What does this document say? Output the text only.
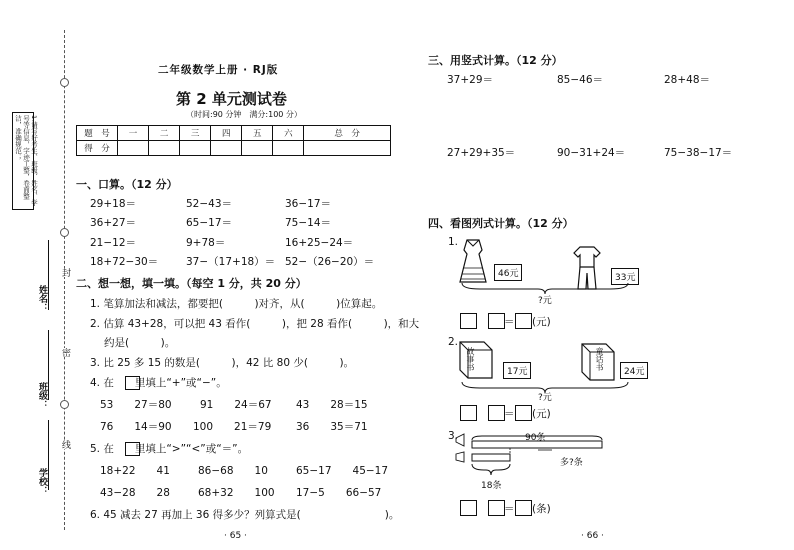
1.请写好考生、班级、姓名、学号等信息，字迹工整，卷面整洁，准确规范；
封
密
线
姓名：
班级：
学校：
二年级数学上册 · RJ版
第 2 单元测试卷
（时间:90 分钟　满分:100 分）
题　号	一	二	三	四	五	六	总　分
得　分							
一、口算。（12 分）
29+18＝	52−43＝	36−17＝
36+27＝	65−17＝	75−14＝
21−12＝	9+78＝	16+25−24＝
18+72−30＝	37−（17+18）＝ 52−（26−20）＝
二、想一想，填一填。（每空 1 分，共 20 分）
1. 笔算加法和减法，都要把(　　　)对齐，从(　　　)位算起。
2. 估算 43+28，可以把 43 看作(　　　)，把 28 看作(　　　)，和大
约是(　　　)。
3. 比 25 多 15 的数是(　　　)，42 比 80 少(　　　)。
4. 在　　里填上“+”或“−”。
53　　27＝80	91　　24＝67 43　　28＝15
76　　14＝90 100　　21＝79 36　　35＝71
5. 在　　里填上“>”“<”或“＝”。
18+22　　41	86−68　　10	65−17　　45−17
43−28　　28	68+32　　100 17−5　　66−57
6. 45 减去 27 再加上 36 得多少？列算式是(　　　　　　　　)。
· 65 ·
三、用竖式计算。（12 分）
37+29＝	85−46＝	28+48＝
27+29+35＝	90−31+24＝	75−38−17＝
四、看图列式计算。（12 分）
1.
46元	33元
?元
＝ (元)
2.
故事书
17元
童话书
24元
?元
＝ (元)
3.	90条
多?条
18条
＝ (条)
· 66 ·
